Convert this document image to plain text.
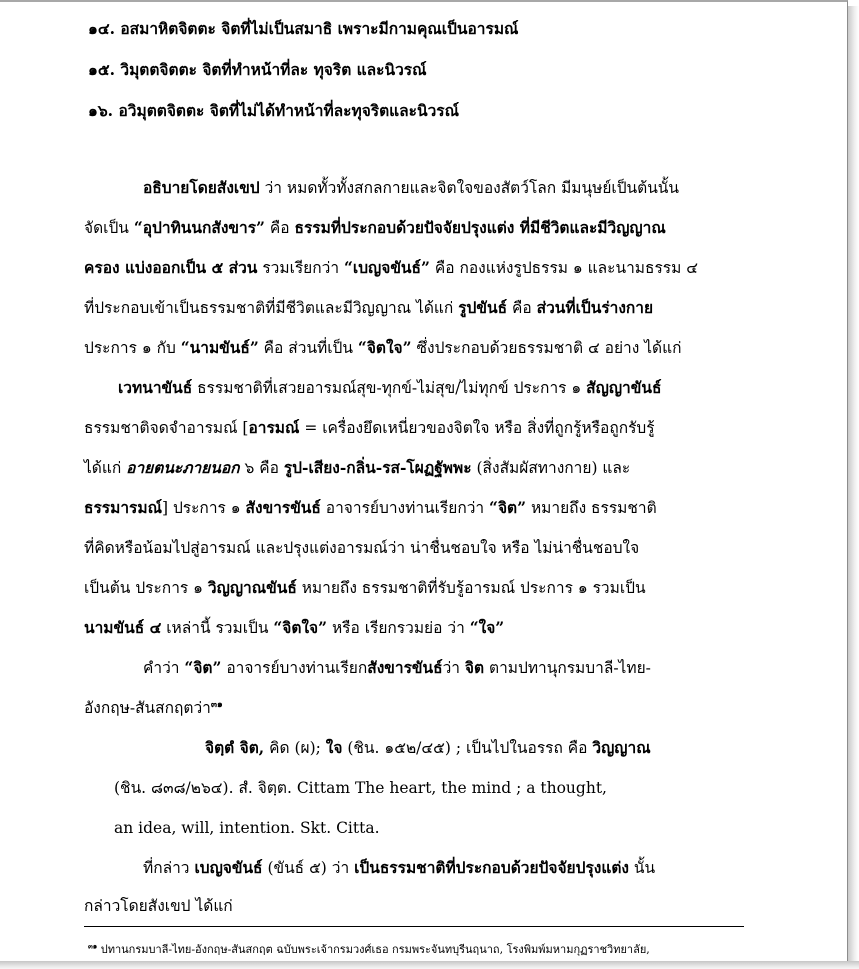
๑๔. อสมาหิตจิตตะ จิตที่ไม่เป็นสมาธิ เพราะมีกามคุณเป็นอารมณ์
๑๕. วิมุตตจิตตะ จิตที่ทำหน้าที่ละ ทุจริต และนิวรณ์
๑๖. อวิมุตตจิตตะ จิตที่ไม่ได้ทำหน้าที่ละทุจริตและนิวรณ์
อธิบายโดยสังเขป ว่า หมดทั้วทั้งสกลกายและจิตใจของสัตว์โลก มีมนุษย์เป็นต้นนั้น
จัดเป็น “อุปาทินนกสังขาร” คือ ธรรมที่ประกอบด้วยปัจจัยปรุงแต่ง ที่มีชีวิตและมีวิญญาณ
ครอง แบ่งออกเป็น ๕ ส่วน รวมเรียกว่า “เบญจขันธ์” คือ กองแห่งรูปธรรม ๑ และนามธรรม ๔
ที่ประกอบเข้าเป็นธรรมชาติที่มีชีวิตและมีวิญญาณ ได้แก่ รูปขันธ์ คือ ส่วนที่เป็นร่างกาย
ประการ ๑ กับ “นามขันธ์” คือ ส่วนที่เป็น “จิตใจ” ซึ่งประกอบด้วยธรรมชาติ ๔ อย่าง ได้แก่
เวทนาขันธ์ ธรรมชาติที่เสวยอารมณ์สุข-ทุกข์-ไม่สุข/ไม่ทุกข์ ประการ ๑ สัญญาขันธ์
ธรรมชาติจดจำอารมณ์ [อารมณ์ = เครื่องยึดเหนี่ยวของจิตใจ หรือ สิ่งที่ถูกรู้หรือถูกรับรู้
ได้แก่ อายตนะภายนอก ๖ คือ รูป-เสียง-กลิ่น-รส-โผฏฐัพพะ (สิ่งสัมผัสทางกาย) และ
ธรรมารมณ์] ประการ ๑ สังขารขันธ์ อาจารย์บางท่านเรียกว่า “จิต” หมายถึง ธรรมชาติ
ที่คิดหรือน้อมไปสู่อารมณ์ และปรุงแต่งอารมณ์ว่า น่าชื่นชอบใจ หรือ ไม่น่าชื่นชอบใจ
เป็นต้น ประการ ๑ วิญญาณขันธ์ หมายถึง ธรรมชาติที่รับรู้อารมณ์ ประการ ๑ รวมเป็น
นามขันธ์ ๔ เหล่านี้ รวมเป็น “จิตใจ” หรือ เรียกรวมย่อ ว่า “ใจ”
คำว่า “จิต” อาจารย์บางท่านเรียกสังขารขันธ์ว่า จิต ตามปทานุกรมบาลี-ไทย-
อังกฤษ-สันสกฤตว่า$^{๓๑}$
จิตฺตํ จิต, คิด (ผ); ใจ (ชิน. ๑๕๒/๔๕) ; เป็นไปในอรรถ คือ วิญญาณ
(ชิน. ๘๓๘/๒๖๔). สํ. จิตฺต. Cittam The heart, the mind ; a thought,
an idea, will, intention. Skt. Citta.
ที่กล่าว เบญจขันธ์ (ขันธ์ ๕) ว่า เป็นธรรมชาติที่ประกอบด้วยปัจจัยปรุงแต่ง นั้น
กล่าวโดยสังเขป ได้แก่
$^{๓๑}$ ปทานกรมบาลี-ไทย-อังกฤษ-สันสกฤต ฉบับพระเจ้ากรมวงศ์เธอ กรมพระจันทบุรีนฤนาถ, โรงพิมพ์มหามกุฏราชวิทยาลัย,
